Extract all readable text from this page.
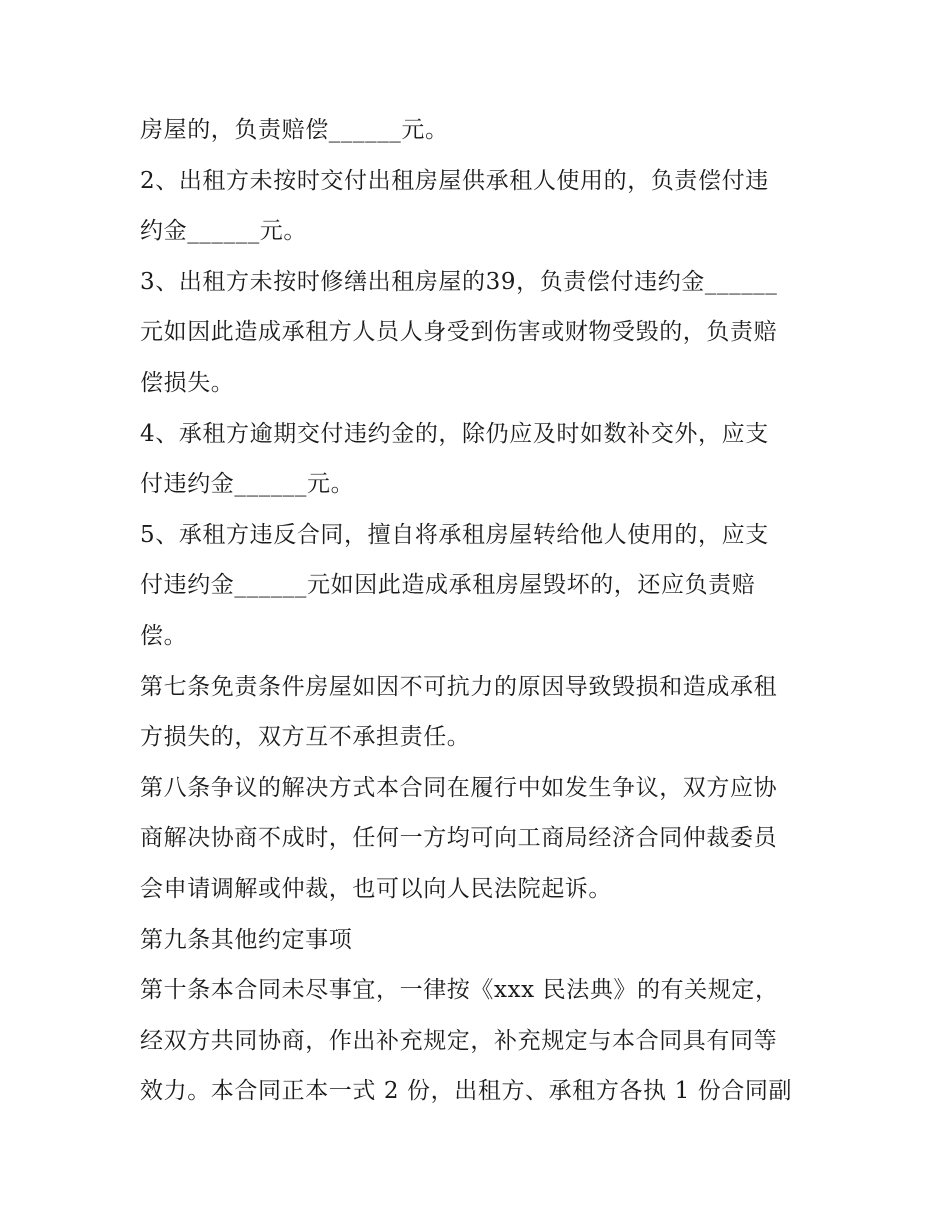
房屋的，负责赔偿______元。
2、出租方未按时交付出租房屋供承租人使用的，负责偿付违
约金______元。
3、出租方未按时修缮出租房屋的39，负责偿付违约金______
元如因此造成承租方人员人身受到伤害或财物受毁的，负责赔
偿损失。
4、承租方逾期交付违约金的，除仍应及时如数补交外，应支
付违约金______元。
5、承租方违反合同，擅自将承租房屋转给他人使用的，应支
付违约金______元如因此造成承租房屋毁坏的，还应负责赔
偿。
第七条免责条件房屋如因不可抗力的原因导致毁损和造成承租
方损失的，双方互不承担责任。
第八条争议的解决方式本合同在履行中如发生争议，双方应协
商解决协商不成时，任何一方均可向工商局经济合同仲裁委员
会申请调解或仲裁，也可以向人民法院起诉。
第九条其他约定事项
第十条本合同未尽事宜，一律按《xxx 民法典》的有关规定，
经双方共同协商，作出补充规定，补充规定与本合同具有同等
效力。本合同正本一式 2 份，出租方、承租方各执 1 份合同副
